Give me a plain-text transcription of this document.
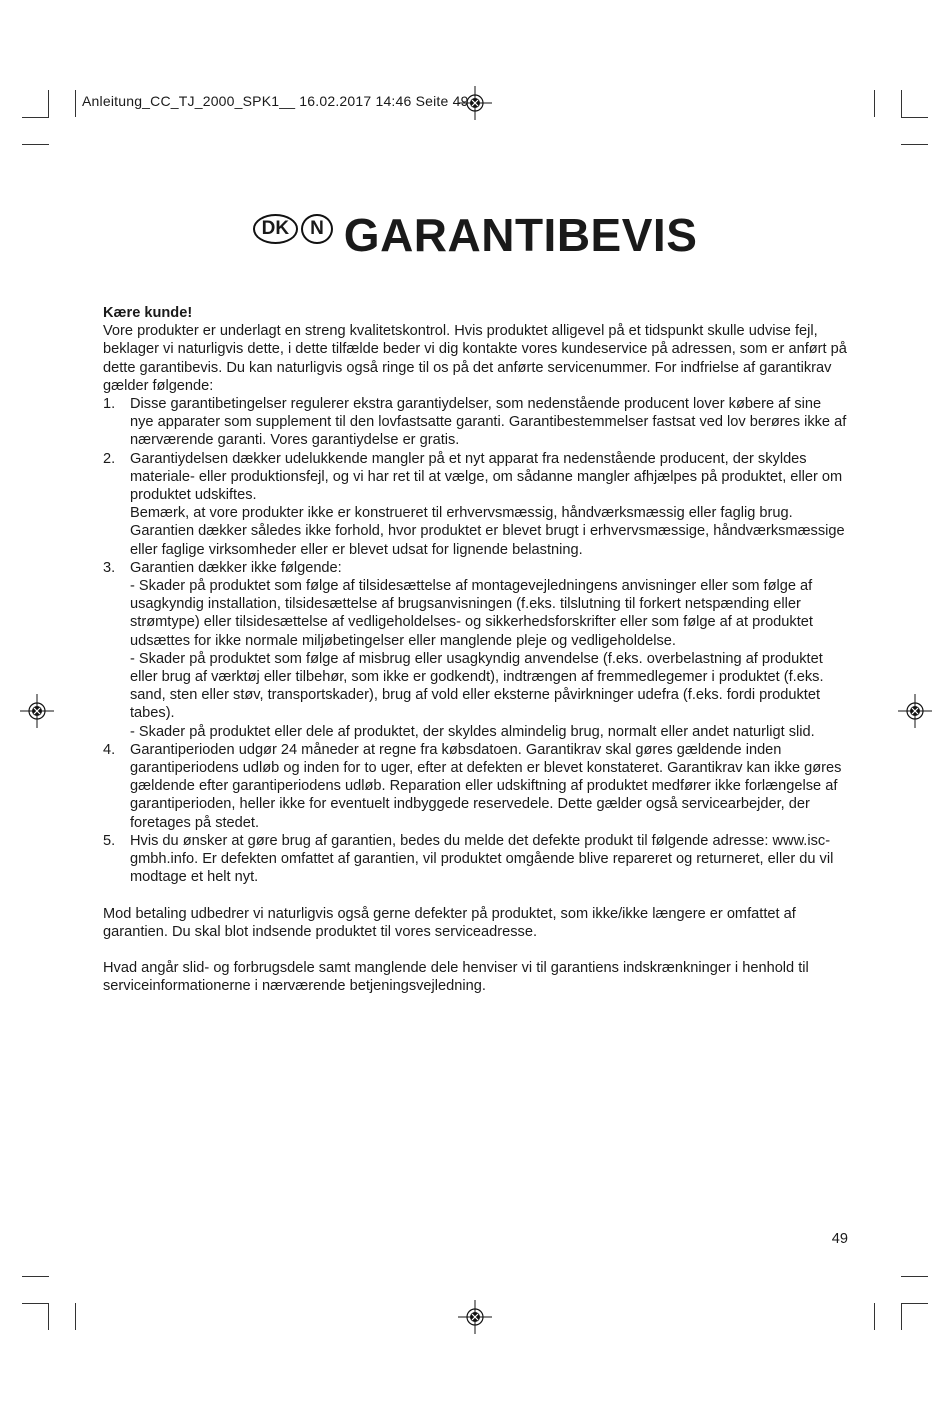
Anleitung_CC_TJ_2000_SPK1__ 16.02.2017 14:46 Seite 49
DK N GARANTIBEVIS

Kære kunde!

Vore produkter er underlagt en streng kvalitetskontrol. Hvis produktet alligevel på et tidspunkt skulle udvise fejl, beklager vi naturligvis dette, i dette tilfælde beder vi dig kontakte vores kundeservice på adressen, som er anført på dette garantibevis. Du kan naturligvis også ringe til os på det anførte servicenummer. For indfrielse af garantikrav gælder følgende:

1. Disse garantibetingelser regulerer ekstra garantiydelser, som nedenstående producent lover købere af sine nye apparater som supplement til den lovfastsatte garanti. Garantibestemmelser fastsat ved lov berøres ikke af nærværende garanti. Vores garantiydelse er gratis.

2. Garantiydelsen dækker udelukkende mangler på et nyt apparat fra nedenstående producent, der skyldes materiale- eller produktionsfejl, og vi har ret til at vælge, om sådanne mangler afhjælpes på produktet, eller om produktet udskiftes.

Bemærk, at vore produkter ikke er konstrueret til erhvervsmæssig, håndværksmæssig eller faglig brug. Garantien dækker således ikke forhold, hvor produktet er blevet brugt i erhvervsmæssige, håndværksmæssige eller faglige virksomheder eller er blevet udsat for lignende belastning.

3. Garantien dækker ikke følgende:

- Skader på produktet som følge af tilsidesættelse af montagevejledningens anvisninger eller som følge af usagkyndig installation, tilsidesættelse af brugsanvisningen (f.eks. tilslutning til forkert netspænding eller strømtype) eller tilsidesættelse af vedligeholdelses- og sikkerhedsforskrifter eller som følge af at produktet udsættes for ikke normale miljøbetingelser eller manglende pleje og vedligeholdelse.

- Skader på produktet som følge af misbrug eller usagkyndig anvendelse (f.eks. overbelastning af produktet eller brug af værktøj eller tilbehør, som ikke er godkendt), indtrængen af fremmedlegemer i produktet (f.eks. sand, sten eller støv, transportskader), brug af vold eller eksterne påvirkninger udefra (f.eks. fordi produktet tabes).

- Skader på produktet eller dele af produktet, der skyldes almindelig brug, normalt eller andet naturligt slid.

4. Garantiperioden udgør 24 måneder at regne fra købsdatoen. Garantikrav skal gøres gældende inden garantiperiodens udløb og inden for to uger, efter at defekten er blevet konstateret. Garantikrav kan ikke gøres gældende efter garantiperiodens udløb. Reparation eller udskiftning af produktet medfører ikke forlængelse af garantiperioden, heller ikke for eventuelt indbyggede reservedele. Dette gælder også servicearbejder, der foretages på stedet.

5. Hvis du ønsker at gøre brug af garantien, bedes du melde det defekte produkt til følgende adresse: www.isc-gmbh.info. Er defekten omfattet af garantien, vil produktet omgående blive repareret og returneret, eller du vil modtage et helt nyt.

Mod betaling udbedrer vi naturligvis også gerne defekter på produktet, som ikke/ikke længere er omfattet af garantien. Du skal blot indsende produktet til vores serviceadresse.

Hvad angår slid- og forbrugsdele samt manglende dele henviser vi til garantiens indskrænkninger i henhold til serviceinformationerne i nærværende betjeningsvejledning.

49
